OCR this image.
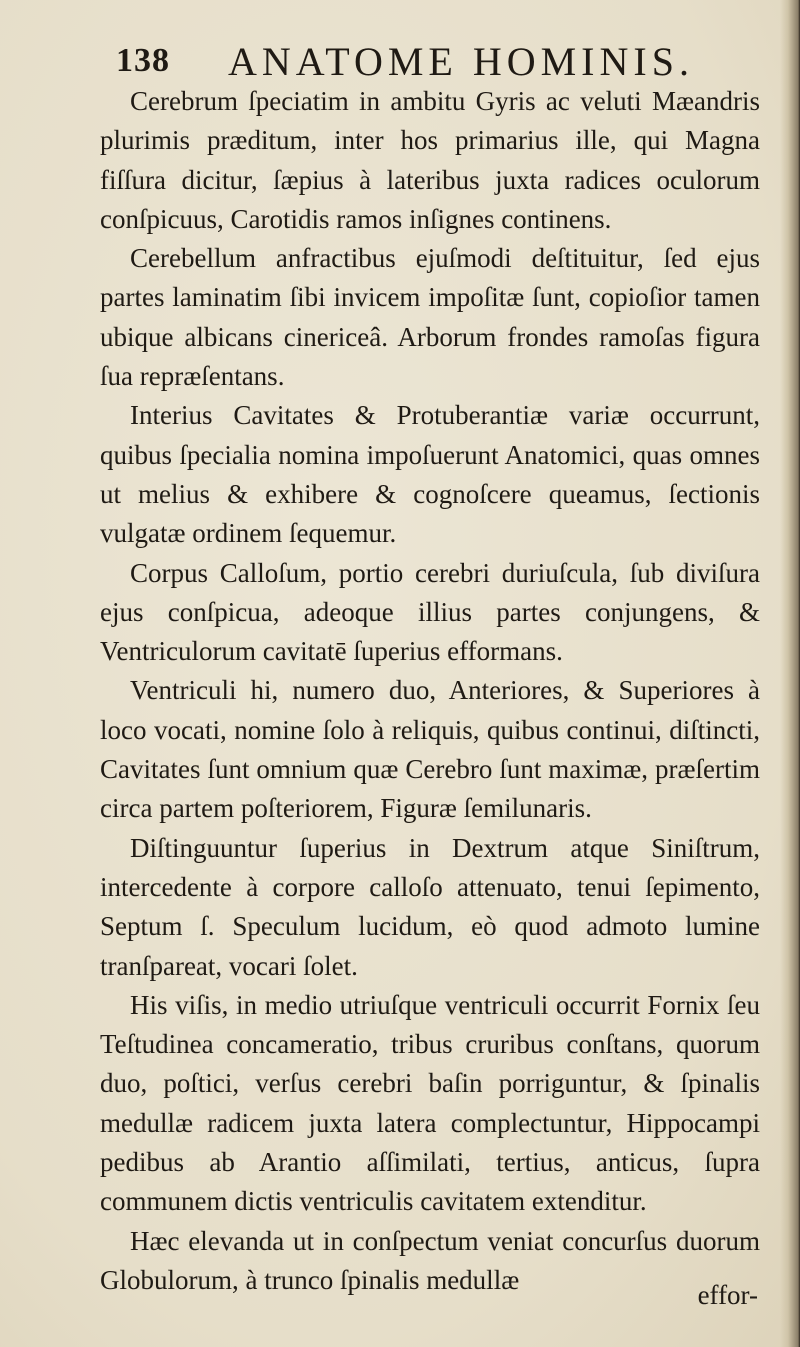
138 ANATOME HOMINIS.

Cerebrum ſpeciatim in ambitu Gyris ac veluti Mæandris plurimis præditum, inter hos primarius ille, qui Magna fiſſura dicitur, ſæpius à lateribus juxta radices oculorum conſpicuus, Carotidis ramos inſignes continens.

Cerebellum anfractibus ejuſmodi deſtituitur, ſed ejus partes laminatim ſibi invicem impoſitæ ſunt, copioſior tamen ubique albicans cinericeâ. Arborum frondes ramoſas figura ſua repræſentans.

Interius Cavitates & Protuberantiæ variæ occurrunt, quibus ſpecialia nomina impoſuerunt Anatomici, quas omnes ut melius & exhibere & cognoſcere queamus, ſectionis vulgatæ ordinem ſequemur.

Corpus Calloſum, portio cerebri duriuſcula, ſub diviſura ejus conſpicua, adeoque illius partes conjungens, & Ventriculorum cavitatē ſuperius efformans.

Ventriculi hi, numero duo, Anteriores, & Superiores à loco vocati, nomine ſolo à reliquis, quibus continui, diſtincti, Cavitates ſunt omnium quæ Cerebro ſunt maximæ, præſertim circa partem poſteriorem, Figuræ ſemilunaris.

Diſtinguuntur ſuperius in Dextrum atque Siniſtrum, intercedente à corpore calloſo attenuato, tenui ſepimento, Septum ſ. Speculum lucidum, eò quod admoto lumine tranſpareat, vocari ſolet.

His viſis, in medio utriuſque ventriculi occurrit Fornix ſeu Teſtudinea concameratio, tribus cruribus conſtans, quorum duo, poſtici, verſus cerebri baſin porriguntur, & ſpinalis medullæ radicem juxta latera complectuntur, Hippocampi pedibus ab Arantio aſſimilati, tertius, anticus, ſupra communem dictis ventriculis cavitatem extenditur.

Hæc elevanda ut in conſpectum veniat concurſus duorum Globulorum, à trunco ſpinalis medullæ

effor-
